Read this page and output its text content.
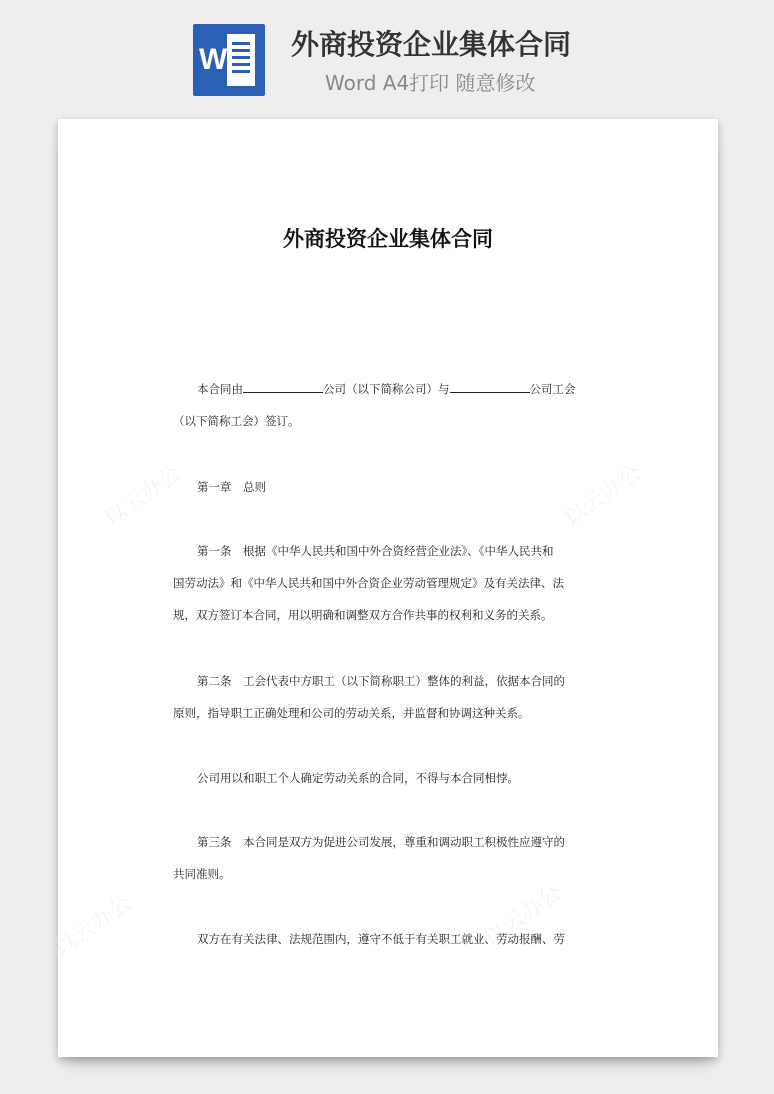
W 外商投资企业集体合同
Word A4打印 随意修改
外商投资企业集体合同
本合同由	公司（以下简称公司）与	公司工会
（以下简称工会）签订。
第一章　总则
第一条　根据《中华人民共和国中外合资经营企业法》、《中华人民共和
国劳动法》和《中华人民共和国中外合资企业劳动管理规定》及有关法律、法
规，双方签订本合同，用以明确和调整双方合作共事的权利和义务的关系。
第二条　工会代表中方职工（以下简称职工）整体的利益，依据本合同的
原则，指导职工正确处理和公司的劳动关系，并监督和协调这种关系。
公司用以和职工个人确定劳动关系的合同，不得与本合同相悖。
第三条　本合同是双方为促进公司发展，尊重和调动职工积极性应遵守的
共同准则。
双方在有关法律、法规范围内，遵守不低于有关职工就业、劳动报酬、劳
